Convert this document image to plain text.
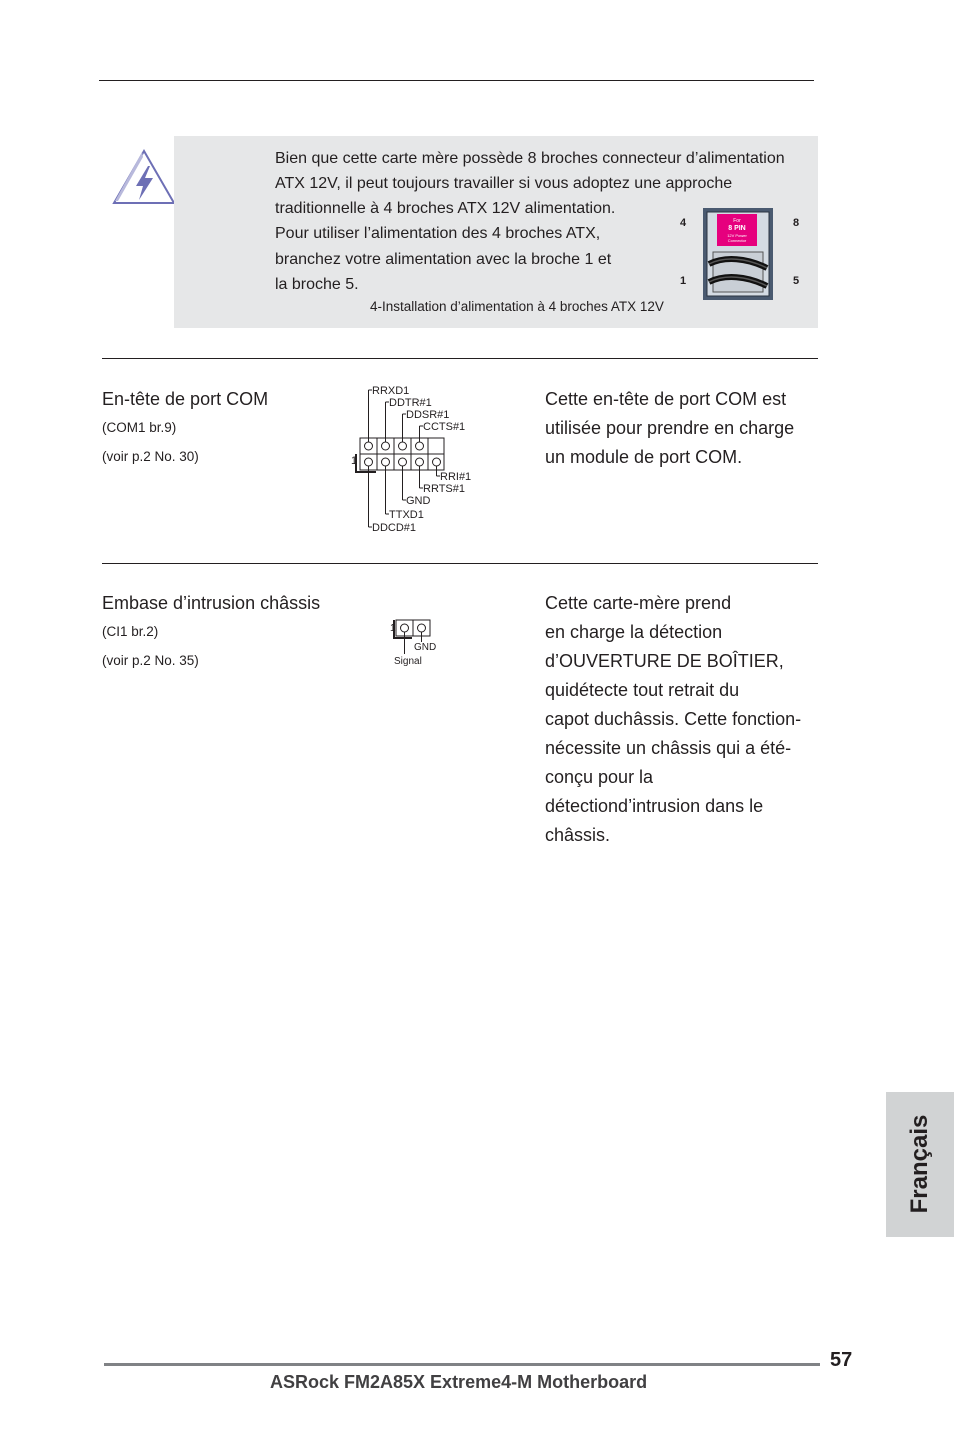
Bien que cette carte mère possède 8 broches connecteur d’alimentation
ATX 12V, il peut toujours travailler si vous adoptez une approche
traditionnelle à 4 broches ATX 12V alimentation.
Pour utiliser l’alimentation des 4 broches ATX,
branchez votre alimentation avec la broche 1 et
la broche 5.
4-Installation d’alimentation à 4 broches ATX 12V
4	8
1	5
For
8 PIN
12V Power
Connector
En-tête de port COM
(COM1 br.9)
(voir p.2 No. 30)	1
RRXD1
DDTR#1
DDSR#1
CCTS#1
RRI#1
RRTS#1
GND
TTXD1
DDCD#1
Cette en-tête de port COM est
utilisée pour prendre en charge
un module de port COM.
Embase d’intrusion châssis
(CI1 br.2)
(voir p.2 No. 35)
1
GND
Signal
Cette carte-mère prend
en charge la détection
d’OUVERTURE DE BOÎTIER,
quidétecte tout retrait du
capot duchâssis. Cette fonction-
nécessite un châssis qui a été-
conçu pour la
détectiond’intrusion dans le
châssis.
Français
57
ASRock FM2A85X Extreme4-M Motherboard
